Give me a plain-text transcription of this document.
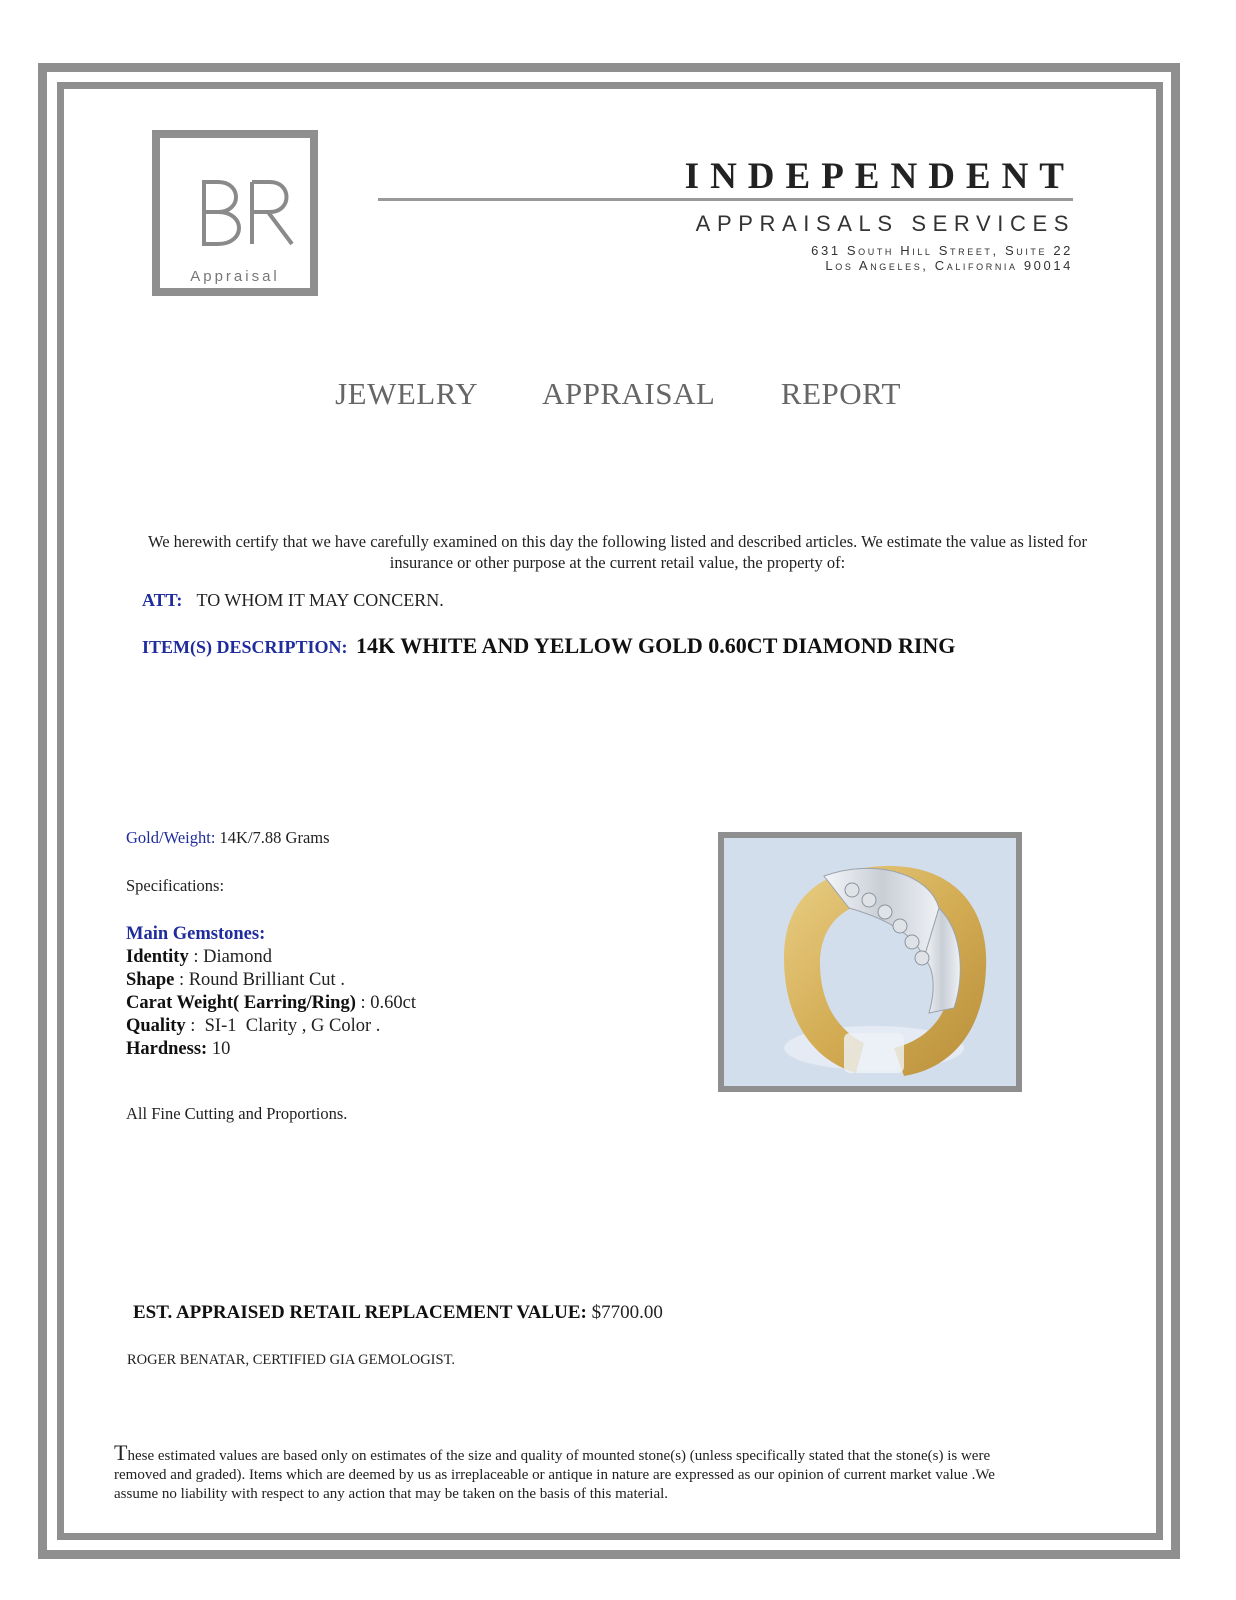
Appraisal
INDEPENDENT
APPRAISALS SERVICES
631 South Hill Street, Suite 22
Los Angeles, California 90014
JEWELRY   APPRAISAL   REPORT
We herewith certify that we have carefully examined on this day the following listed and described articles. We estimate the value as listed for insurance or other purpose at the current retail value, the property of:
ATT: TO WHOM IT MAY CONCERN.
ITEM(S) DESCRIPTION: 14K WHITE AND YELLOW GOLD 0.60CT DIAMOND RING
Gold/Weight: 14K/7.88 Grams
Specifications:
Main Gemstones:
Identity : Diamond
Shape : Round Brilliant Cut .
Carat Weight( Earring/Ring) : 0.60ct
Quality :  SI-1  Clarity , G Color .
Hardness: 10
All Fine Cutting and Proportions.
EST. APPRAISED RETAIL REPLACEMENT VALUE: $7700.00
ROGER BENATAR, CERTIFIED GIA GEMOLOGIST.
These estimated values are based only on estimates of the size and quality of mounted stone(s) (unless specifically stated that the stone(s) is were removed and graded). Items which are deemed by us as irreplaceable or antique in nature are expressed as our opinion of current market value .We assume no liability with respect to any action that may be taken on the basis of this material.
